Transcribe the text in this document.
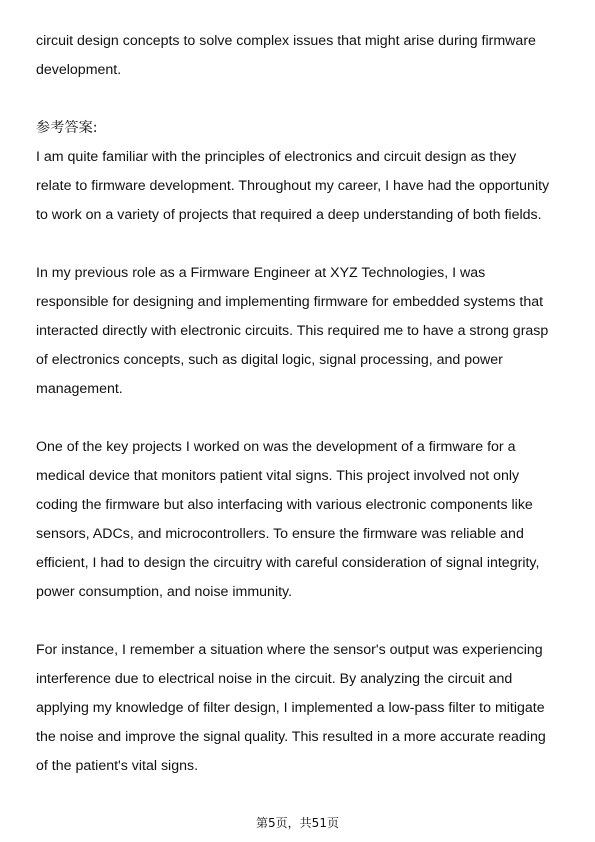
circuit design concepts to solve complex issues that might arise during firmware

development.

参考答案:

I am quite familiar with the principles of electronics and circuit design as they

relate to firmware development. Throughout my career, I have had the opportunity

to work on a variety of projects that required a deep understanding of both fields.

In my previous role as a Firmware Engineer at XYZ Technologies, I was

responsible for designing and implementing firmware for embedded systems that

interacted directly with electronic circuits. This required me to have a strong grasp

of electronics concepts, such as digital logic, signal processing, and power

management.

One of the key projects I worked on was the development of a firmware for a

medical device that monitors patient vital signs. This project involved not only

coding the firmware but also interfacing with various electronic components like

sensors, ADCs, and microcontrollers. To ensure the firmware was reliable and

efficient, I had to design the circuitry with careful consideration of signal integrity,

power consumption, and noise immunity.

For instance, I remember a situation where the sensor's output was experiencing

interference due to electrical noise in the circuit. By analyzing the circuit and

applying my knowledge of filter design, I implemented a low-pass filter to mitigate

the noise and improve the signal quality. This resulted in a more accurate reading

of the patient's vital signs.

第5页，共51页
